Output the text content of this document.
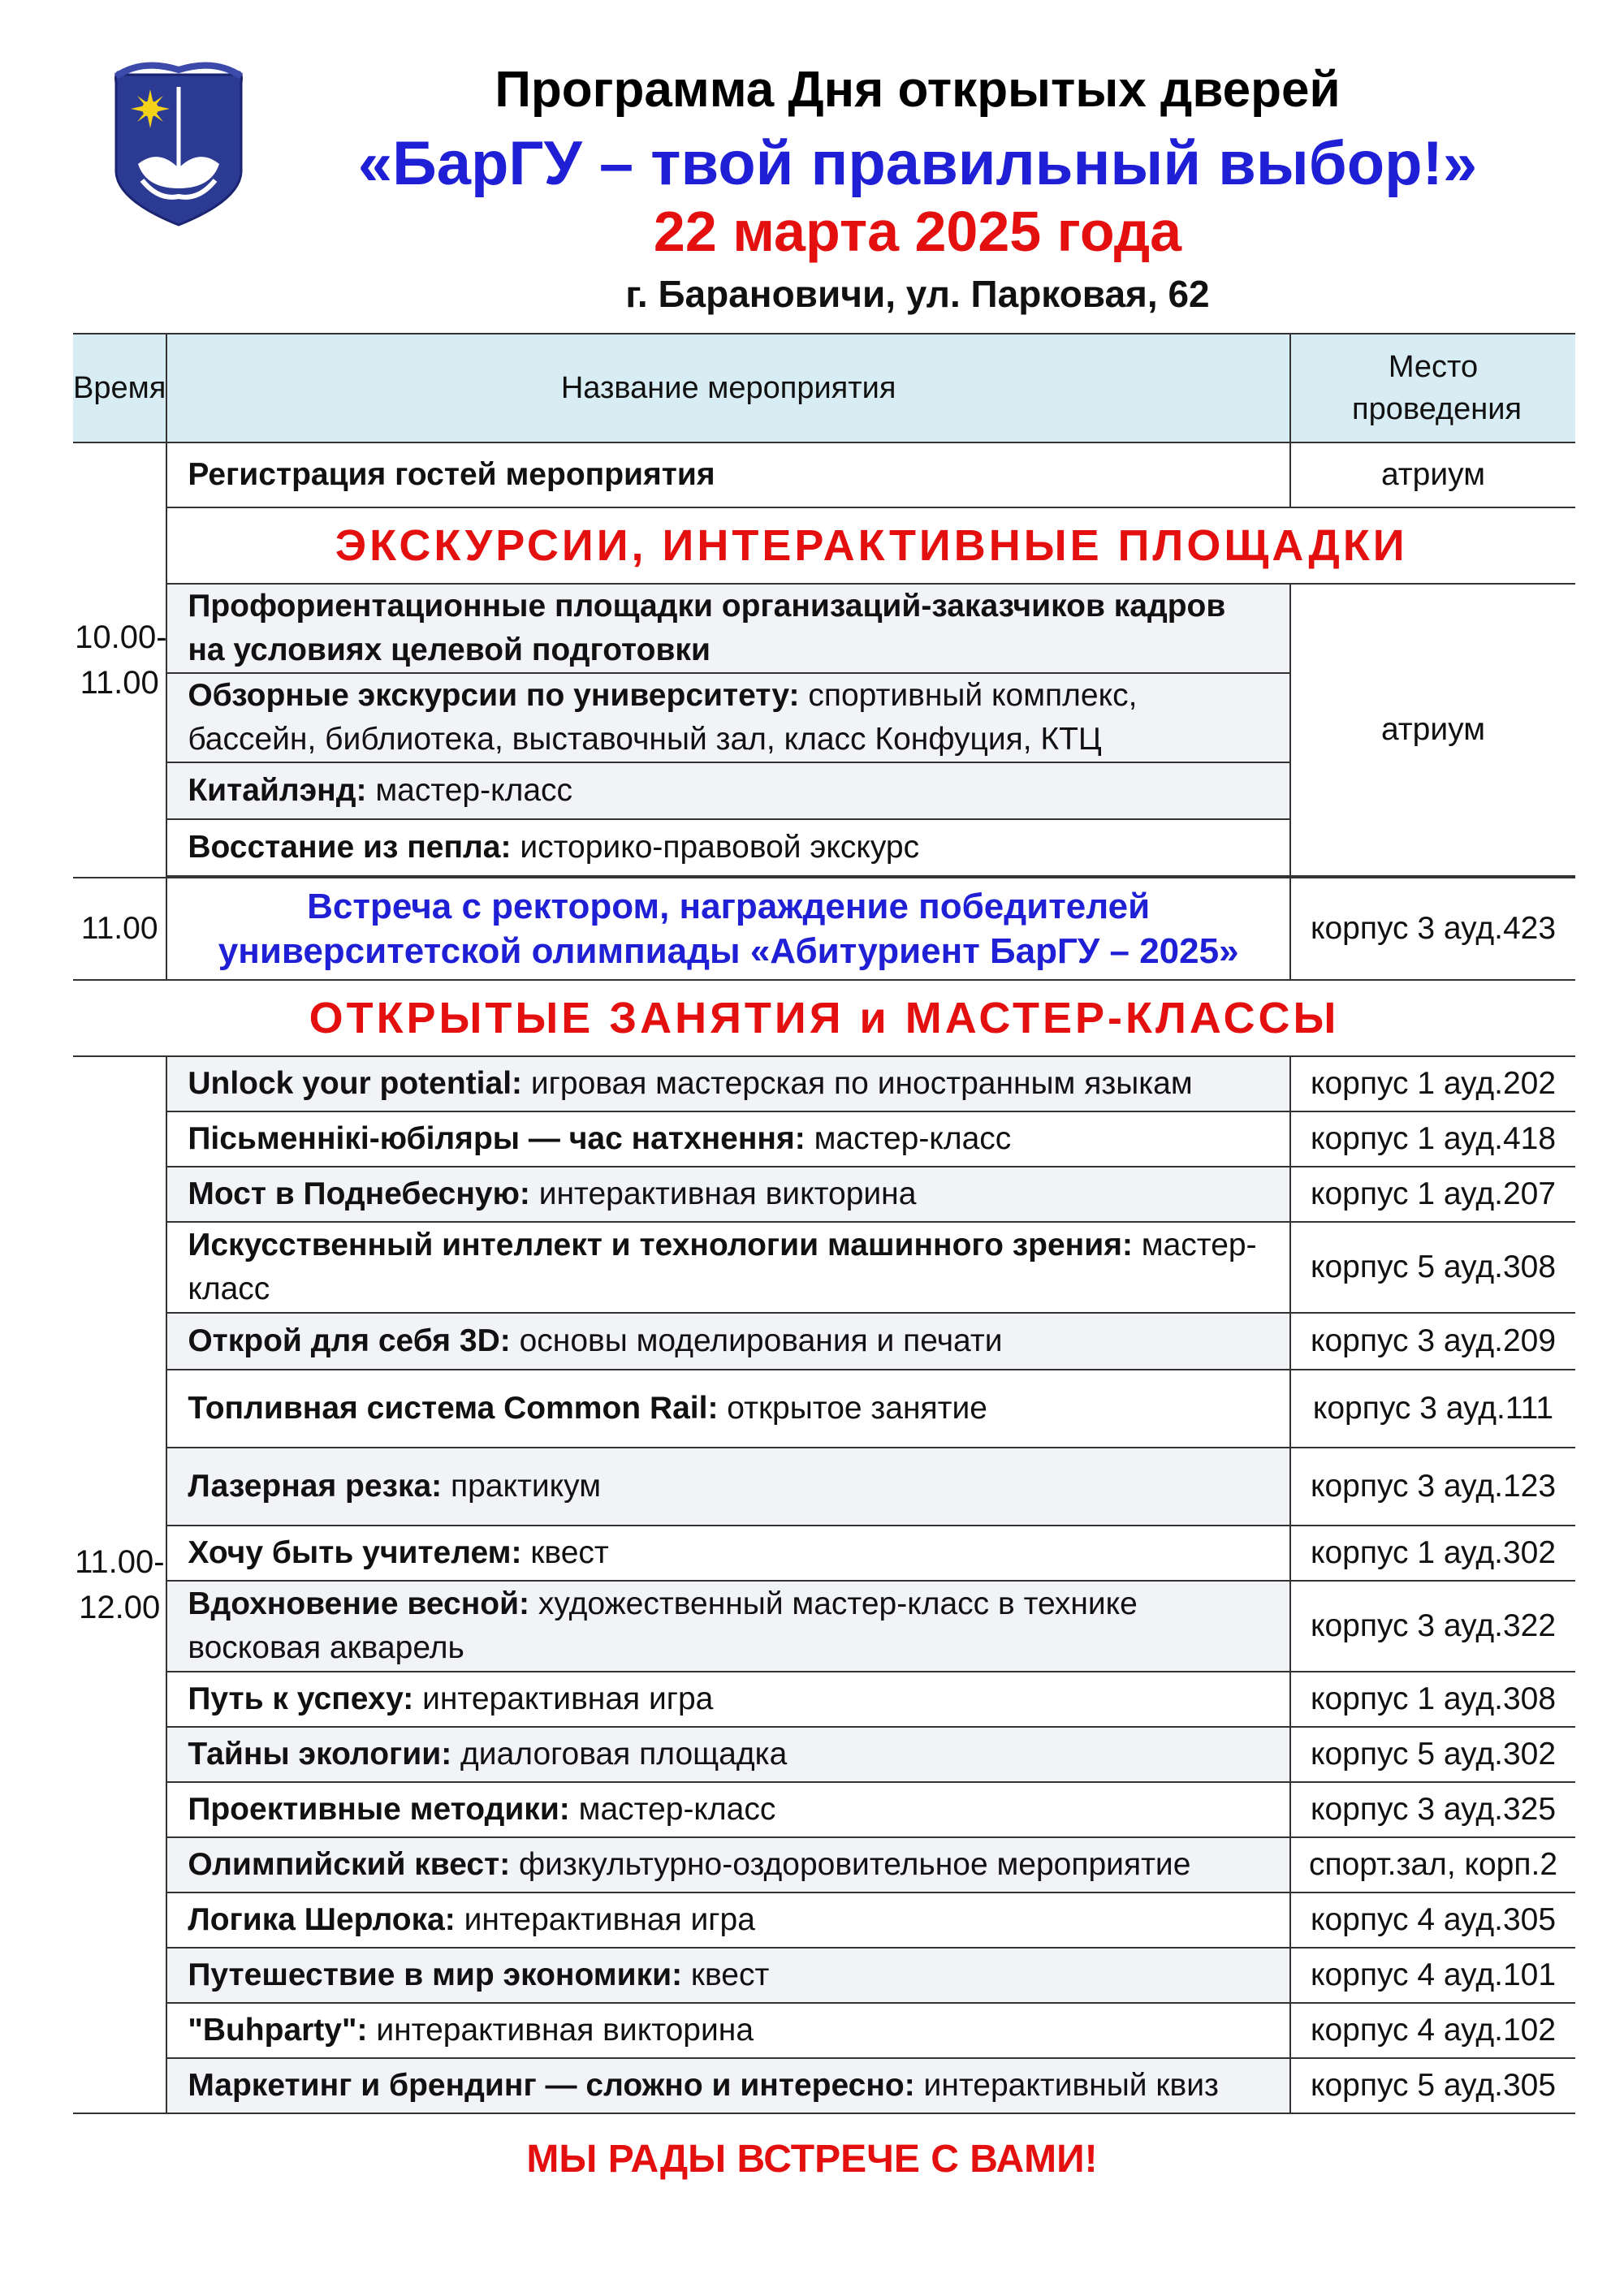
Программа Дня открытых дверей
«БарГУ – твой правильный выбор!»
22 марта 2025 года
г. Барановичи, ул. Парковая, 62
Время	Название мероприятия	Место проведения
10.00-11.00	Регистрация гостей мероприятия	атриум
	ЭКСКУРСИИ, ИНТЕРАКТИВНЫЕ ПЛОЩАДКИ	
	Профориентационные площадки организаций-заказчиков кадров на условиях целевой подготовки	атриум
	Обзорные экскурсии по университету: спортивный комплекс, бассейн, библиотека, выставочный зал, класс Конфуция, КТЦ	
	Китайлэнд: мастер-класс	
	Восстание из пепла: историко-правовой экскурс	

11.00	Встреча с ректором, награждение победителей университетской олимпиады «Абитуриент БарГУ – 2025»	корпус 3 ауд.423
ОТКРЫТЫЕ ЗАНЯТИЯ и МАСТЕР-КЛАССЫ		
11.00-12.00	Unlock your potential: игровая мастерская по иностранным языкам	корпус 1 ауд.202
	Пісьменнікі-юбіляры — час натхнення: мастер-класс	корпус 1 ауд.418
	Мост в Поднебесную: интерактивная викторина	корпус 1 ауд.207
	Искусственный интеллект и технологии машинного зрения: мастер-класс	корпус 5 ауд.308
	Открой для себя 3D: основы моделирования и печати	корпус 3 ауд.209
	Топливная система Common Rail: открытое занятие	корпус 3 ауд.111
	Лазерная резка: практикум	корпус 3 ауд.123
	Хочу быть учителем: квест	корпус 1 ауд.302
	Вдохновение весной: художественный мастер-класс в технике восковая акварель	корпус 3 ауд.322
	Путь к успеху: интерактивная игра	корпус 1 ауд.308
	Тайны экологии: диалоговая площадка	корпус 5 ауд.302
	Проективные методики: мастер-класс	корпус 3 ауд.325
	Олимпийский квест: физкультурно-оздоровительное мероприятие	спорт.зал, корп.2
	Логика Шерлока: интерактивная игра	корпус 4 ауд.305
	Путешествие в мир экономики: квест	корпус 4 ауд.101
	"Buhparty": интерактивная викторина	корпус 4 ауд.102
	Маркетинг и брендинг — сложно и интересно: интерактивный квиз	корпус 5 ауд.305
МЫ РАДЫ ВСТРЕЧЕ С ВАМИ!
